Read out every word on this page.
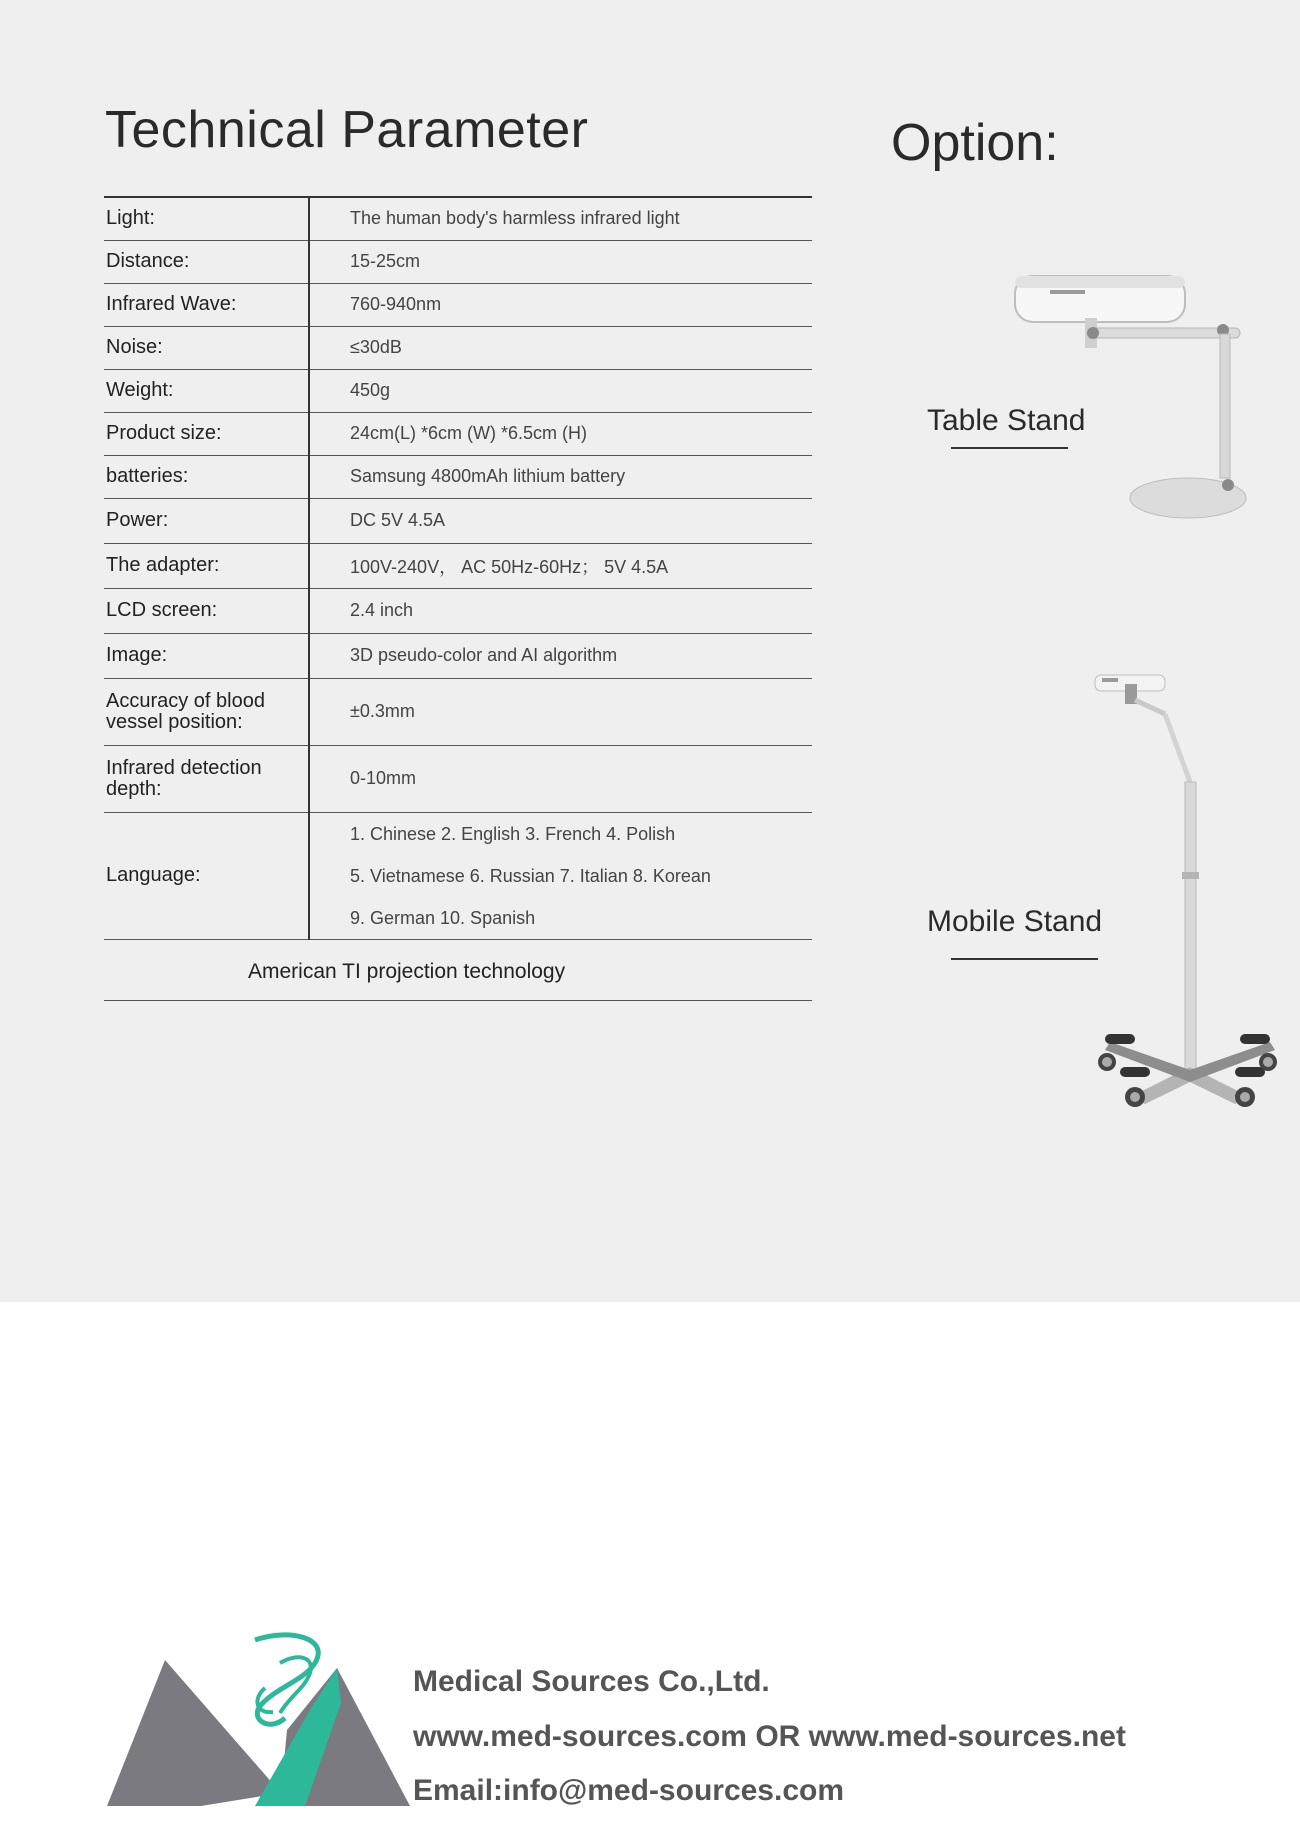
Technical Parameter	Option:
Light:	The human body's harmless infrared light
Distance:	15-25cm
Infrared Wave:	760-940nm
Noise:	≤30dB
Weight:	450g
Product size:	24cm(L) *6cm (W) *6.5cm (H)
batteries:	Samsung 4800mAh lithium battery
Power:	DC 5V 4.5A
The adapter:	100V-240V， AC 50Hz-60Hz； 5V 4.5A
LCD screen:	2.4 inch
Image:	3D pseudo-color and AI algorithm
Accuracy of blood vessel position:	±0.3mm
Infrared detection depth:	0-10mm
Language:	1. Chinese 2. English 3. French 4. Polish
5. Vietnamese 6. Russian 7. Italian 8. Korean
9. German 10. Spanish
American TI projection technology
Table Stand
Mobile Stand
Medical Sources Co.,Ltd.
www.med-sources.com OR www.med-sources.net
Email:info@med-sources.com
